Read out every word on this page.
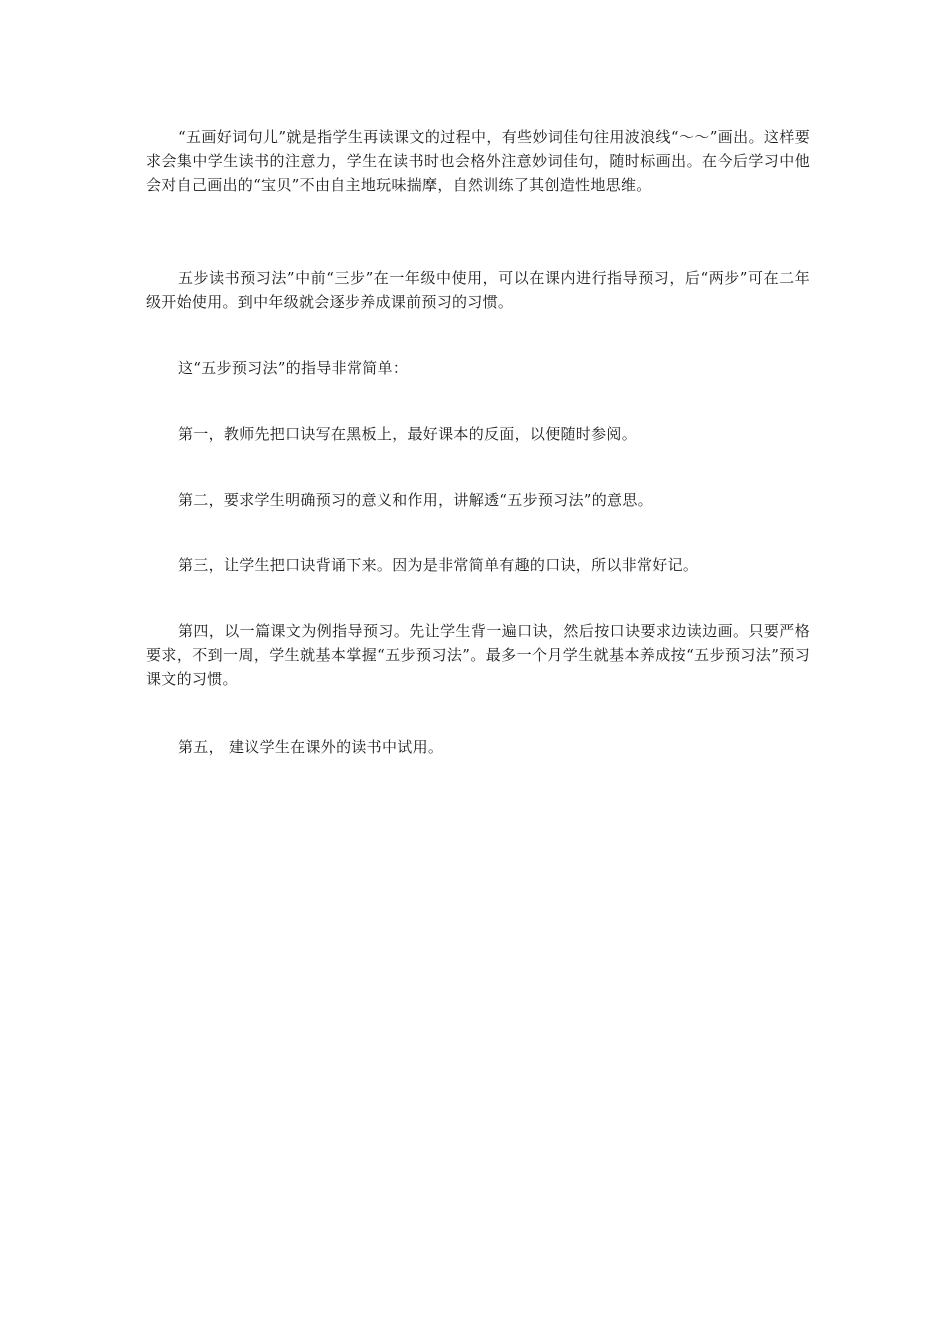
“五画好词句儿”就是指学生再读课文的过程中，有些妙词佳句往用波浪线“～～”画出。这样要求会集中学生读书的注意力，学生在读书时也会格外注意妙词佳句，随时标画出。在今后学习中他会对自己画出的“宝贝”不由自主地玩味揣摩，自然训练了其创造性地思维。

五步读书预习法”中前“三步”在一年级中使用，可以在课内进行指导预习，后“两步”可在二年级开始使用。到中年级就会逐步养成课前预习的习惯。

这“五步预习法”的指导非常简单：

第一，教师先把口诀写在黑板上，最好课本的反面，以便随时参阅。

第二，要求学生明确预习的意义和作用，讲解透“五步预习法”的意思。

第三，让学生把口诀背诵下来。因为是非常简单有趣的口诀，所以非常好记。

第四，以一篇课文为例指导预习。先让学生背一遍口诀，然后按口诀要求边读边画。只要严格要求，不到一周，学生就基本掌握“五步预习法”。最多一个月学生就基本养成按“五步预习法”预习课文的习惯。

第五， 建议学生在课外的读书中试用。
